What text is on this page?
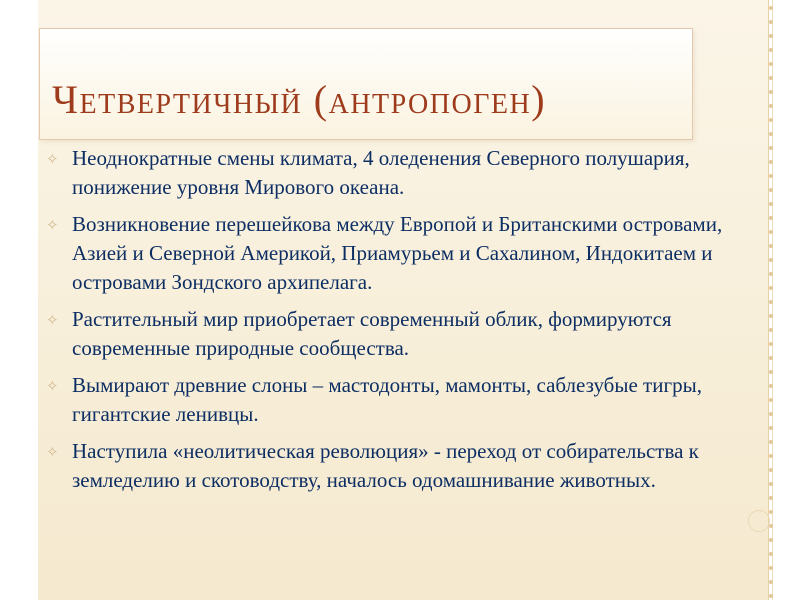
Четвертичный (антропоген)
✧ Неоднократные смены климата, 4 оледенения Северного полушария, понижение уровня Мирового океана.
✧ Возникновение перешейкова между Европой и Британскими островами, Азией и Северной Америкой, Приамурьем и Сахалином, Индокитаем и островами Зондского архипелага.
✧ Растительный мир приобретает современный облик, формируются современные природные сообщества.
✧ Вымирают древние слоны – мастодонты, мамонты, саблезубые тигры, гигантские ленивцы.
✧ Наступила «неолитическая революция» - переход от собирательства к земледелию и скотоводству, началось одомашнивание животных.
